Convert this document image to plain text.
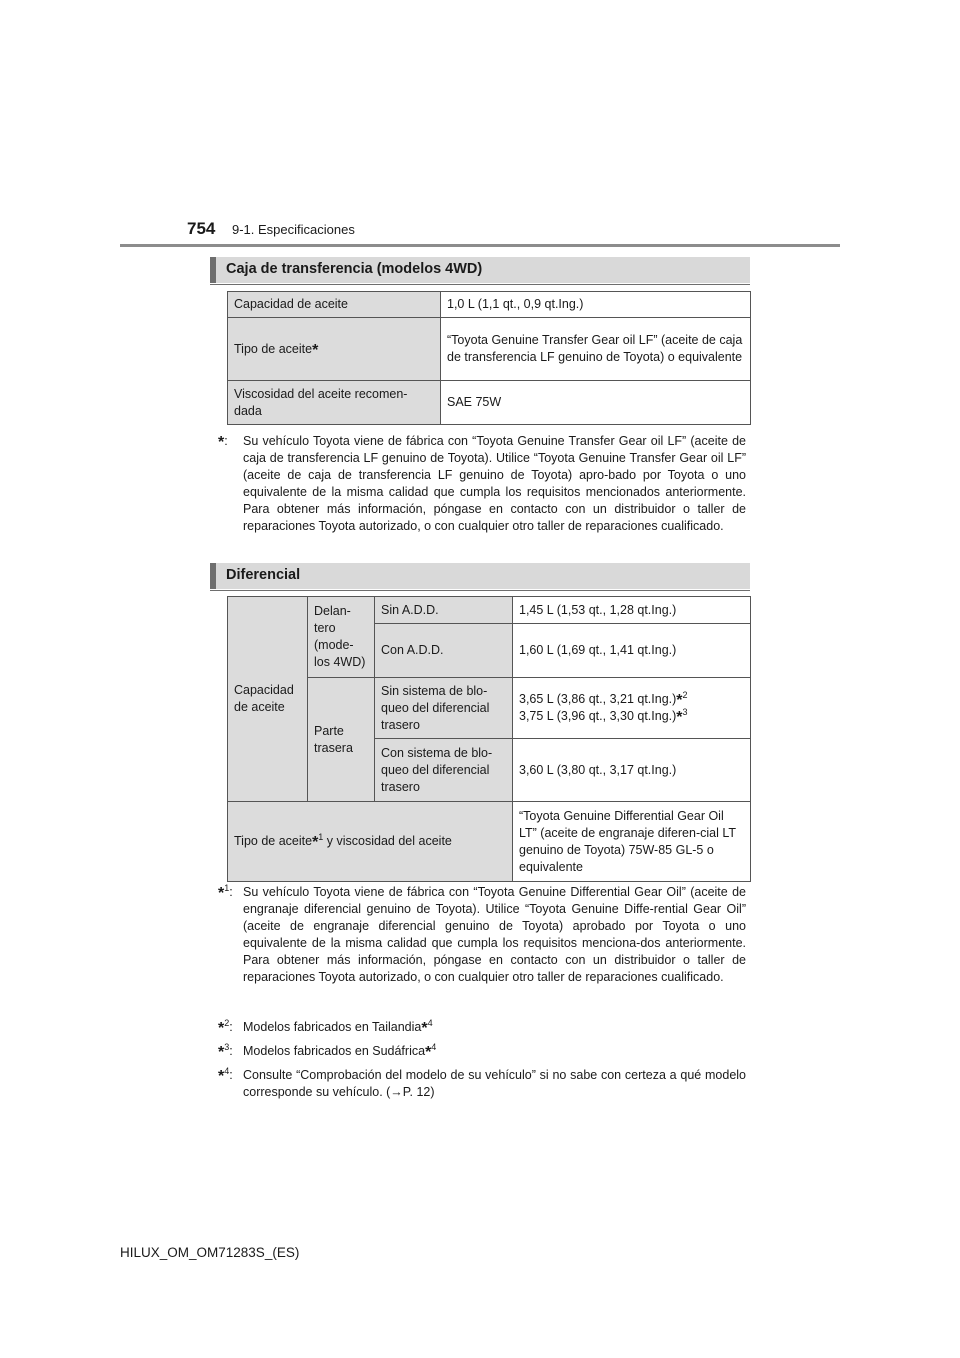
754 9-1. Especificaciones
Caja de transferencia (modelos 4WD)
Capacidad de aceite	1,0 L (1,1 qt., 0,9 qt.Ing.)
Tipo de aceite*	“Toyota Genuine Transfer Gear oil LF” (aceite de caja de transferencia LF genuino de Toyota) o equivalente
Viscosidad del aceite recomen-dada	SAE 75W
*: Su vehículo Toyota viene de fábrica con “Toyota Genuine Transfer Gear oil LF” (aceite de caja de transferencia LF genuino de Toyota). Utilice “Toyota Genuine Transfer Gear oil LF” (aceite de caja de transferencia LF genuino de Toyota) apro-bado por Toyota o uno equivalente de la misma calidad que cumpla los requisitos mencionados anteriormente. Para obtener más información, póngase en contacto con un distribuidor o taller de reparaciones Toyota autorizado, o con cualquier otro taller de reparaciones cualificado.
Diferencial
Capacidad de aceite	Delan-tero (mode-los 4WD)	Sin A.D.D.	1,45 L (1,53 qt., 1,28 qt.Ing.)
		Con A.D.D.	1,60 L (1,69 qt., 1,41 qt.Ing.)
	Parte trasera	Sin sistema de blo-queo del diferencial trasero	3,65 L (3,86 qt., 3,21 qt.Ing.)*$^2$
3,75 L (3,96 qt., 3,30 qt.Ing.)*$^3$
		Con sistema de blo-queo del diferencial trasero	3,60 L (3,80 qt., 3,17 qt.Ing.)
Tipo de aceite*$^1$ y viscosidad del aceite			“Toyota Genuine Differential Gear Oil LT” (aceite de engranaje diferen-cial LT genuino de Toyota) 75W-85 GL-5 o equivalente
*$^1$: Su vehículo Toyota viene de fábrica con “Toyota Genuine Differential Gear Oil” (aceite de engranaje diferencial genuino de Toyota). Utilice “Toyota Genuine Diffe-rential Gear Oil” (aceite de engranaje diferencial genuino de Toyota) aprobado por Toyota o uno equivalente de la misma calidad que cumpla los requisitos menciona-dos anteriormente. Para obtener más información, póngase en contacto con un distribuidor o taller de reparaciones Toyota autorizado, o con cualquier otro taller de reparaciones cualificado.
*$^2$: Modelos fabricados en Tailandia*$^4$
*$^3$: Modelos fabricados en Sudáfrica*$^4$
*$^4$: Consulte “Comprobación del modelo de su vehículo” si no sabe con certeza a qué modelo corresponde su vehículo. (→P. 12)
HILUX_OM_OM71283S_(ES)
